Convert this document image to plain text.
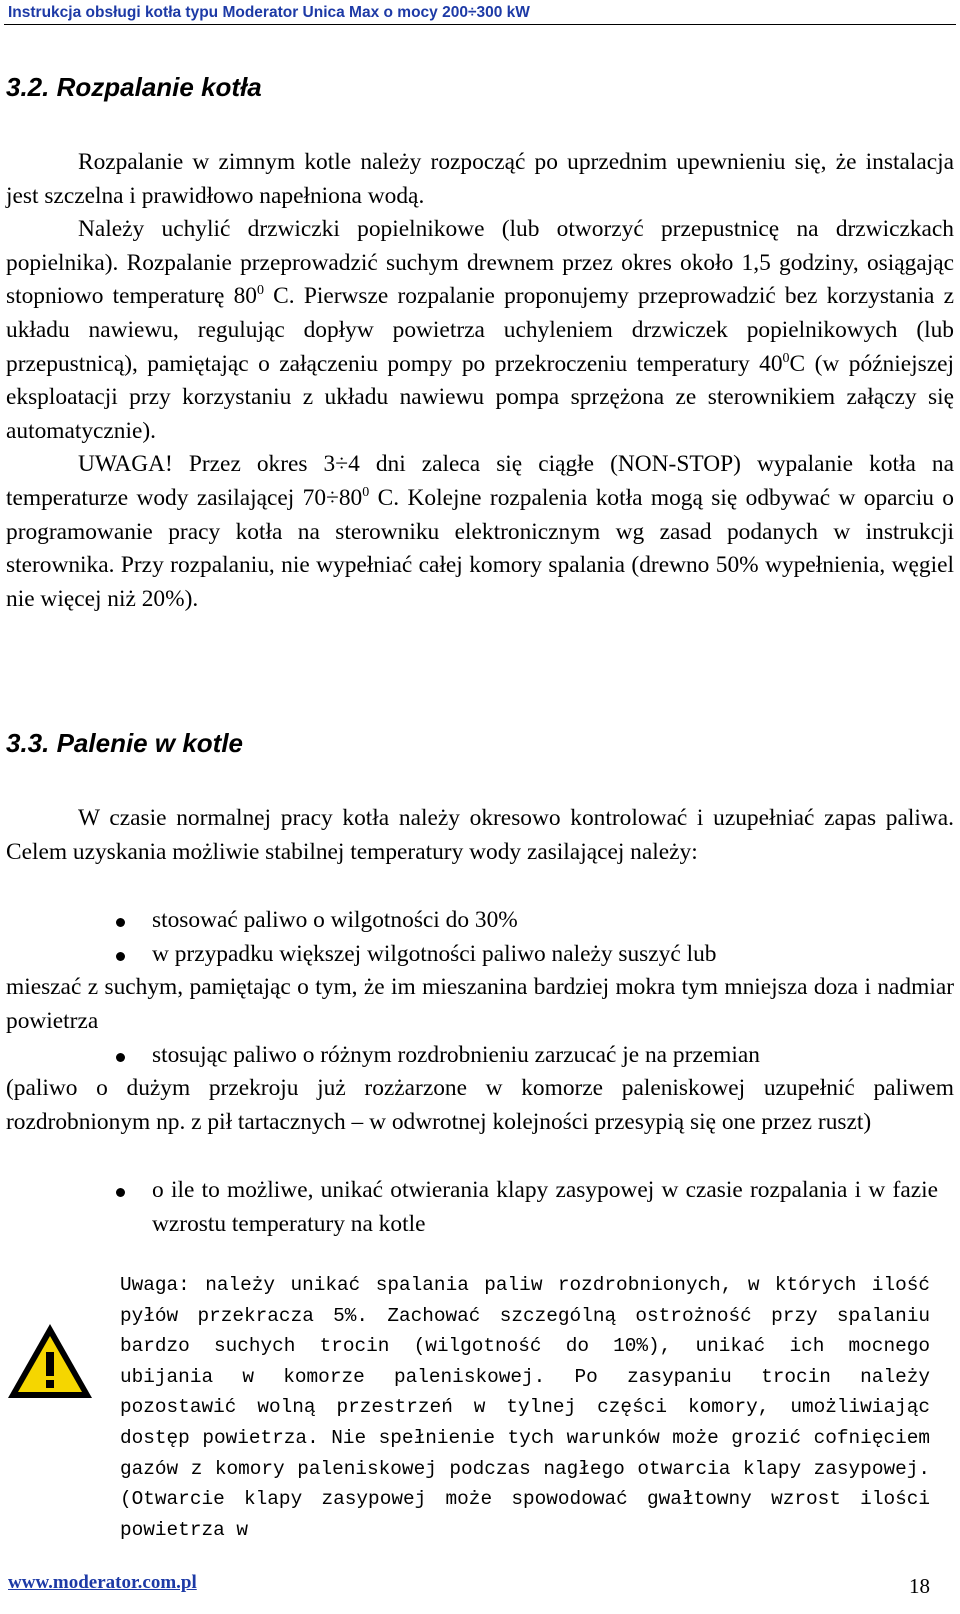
Instrukcja obsługi kotła typu Moderator Unica Max o mocy 200÷300 kW
3.2. Rozpalanie kotła

Rozpalanie w zimnym kotle należy rozpocząć po uprzednim upewnieniu się, że instalacja jest szczelna i prawidłowo napełniona wodą.

Należy uchylić drzwiczki popielnikowe (lub otworzyć przepustnicę na drzwiczkach popielnika). Rozpalanie przeprowadzić suchym drewnem przez okres około 1,5 godziny, osiągając stopniowo temperaturę $80^0$ C. Pierwsze rozpalanie proponujemy przeprowadzić bez korzystania z układu nawiewu, regulując dopływ powietrza uchyleniem drzwiczek popielnikowych (lub przepustnicą), pamiętając o załączeniu pompy po przekroczeniu temperatury $40^0C$ (w późniejszej eksploatacji przy korzystaniu z układu nawiewu pompa sprzężona ze sterownikiem załączy się automatycznie).

UWAGA! Przez okres 3÷4 dni zaleca się ciągłe (NON-STOP) wypalanie kotła na temperaturze wody zasilającej $70\div 80^0$ C. Kolejne rozpalenia kotła mogą się odbywać w oparciu o programowanie pracy kotła na sterowniku elektronicznym wg zasad podanych w instrukcji sterownika. Przy rozpalaniu, nie wypełniać całej komory spalania (drewno 50% wypełnienia, węgiel nie więcej niż 20%).

3.3. Palenie w kotle

W czasie normalnej pracy kotła należy okresowo kontrolować i uzupełniać zapas paliwa. Celem uzyskania możliwie stabilnej temperatury wody zasilającej należy:

stosować paliwo o wilgotności do 30%
w przypadku większej wilgotności paliwo należy suszyć lub

mieszać z suchym, pamiętając o tym, że im mieszanina bardziej mokra tym mniejsza doza i nadmiar powietrza

stosując paliwo o różnym rozdrobnieniu zarzucać je na przemian

(paliwo o dużym przekroju już rozżarzone w komorze paleniskowej uzupełnić paliwem rozdrobnionym np. z pił tartacznych – w odwrotnej kolejności przesypią się one przez ruszt)

o ile to możliwe, unikać otwierania klapy zasypowej w czasie rozpalania i w fazie wzrostu temperatury na kotle
Uwaga: należy unikać spalania paliw rozdrobnionych, w których ilość pyłów przekracza 5%. Zachować szczególną ostrożność przy spalaniu bardzo suchych trocin (wilgotność do 10%), unikać ich mocnego ubijania w komorze paleniskowej. Po zasypaniu trocin należy pozostawić wolną przestrzeń w tylnej części komory, umożliwiając dostęp powietrza. Nie spełnienie tych warunków może grozić cofnięciem gazów z komory paleniskowej podczas nagłego otwarcia klapy zasypowej. (Otwarcie klapy zasypowej może spowodować gwałtowny wzrost ilości powietrza w
www.moderator.com.pl	18
